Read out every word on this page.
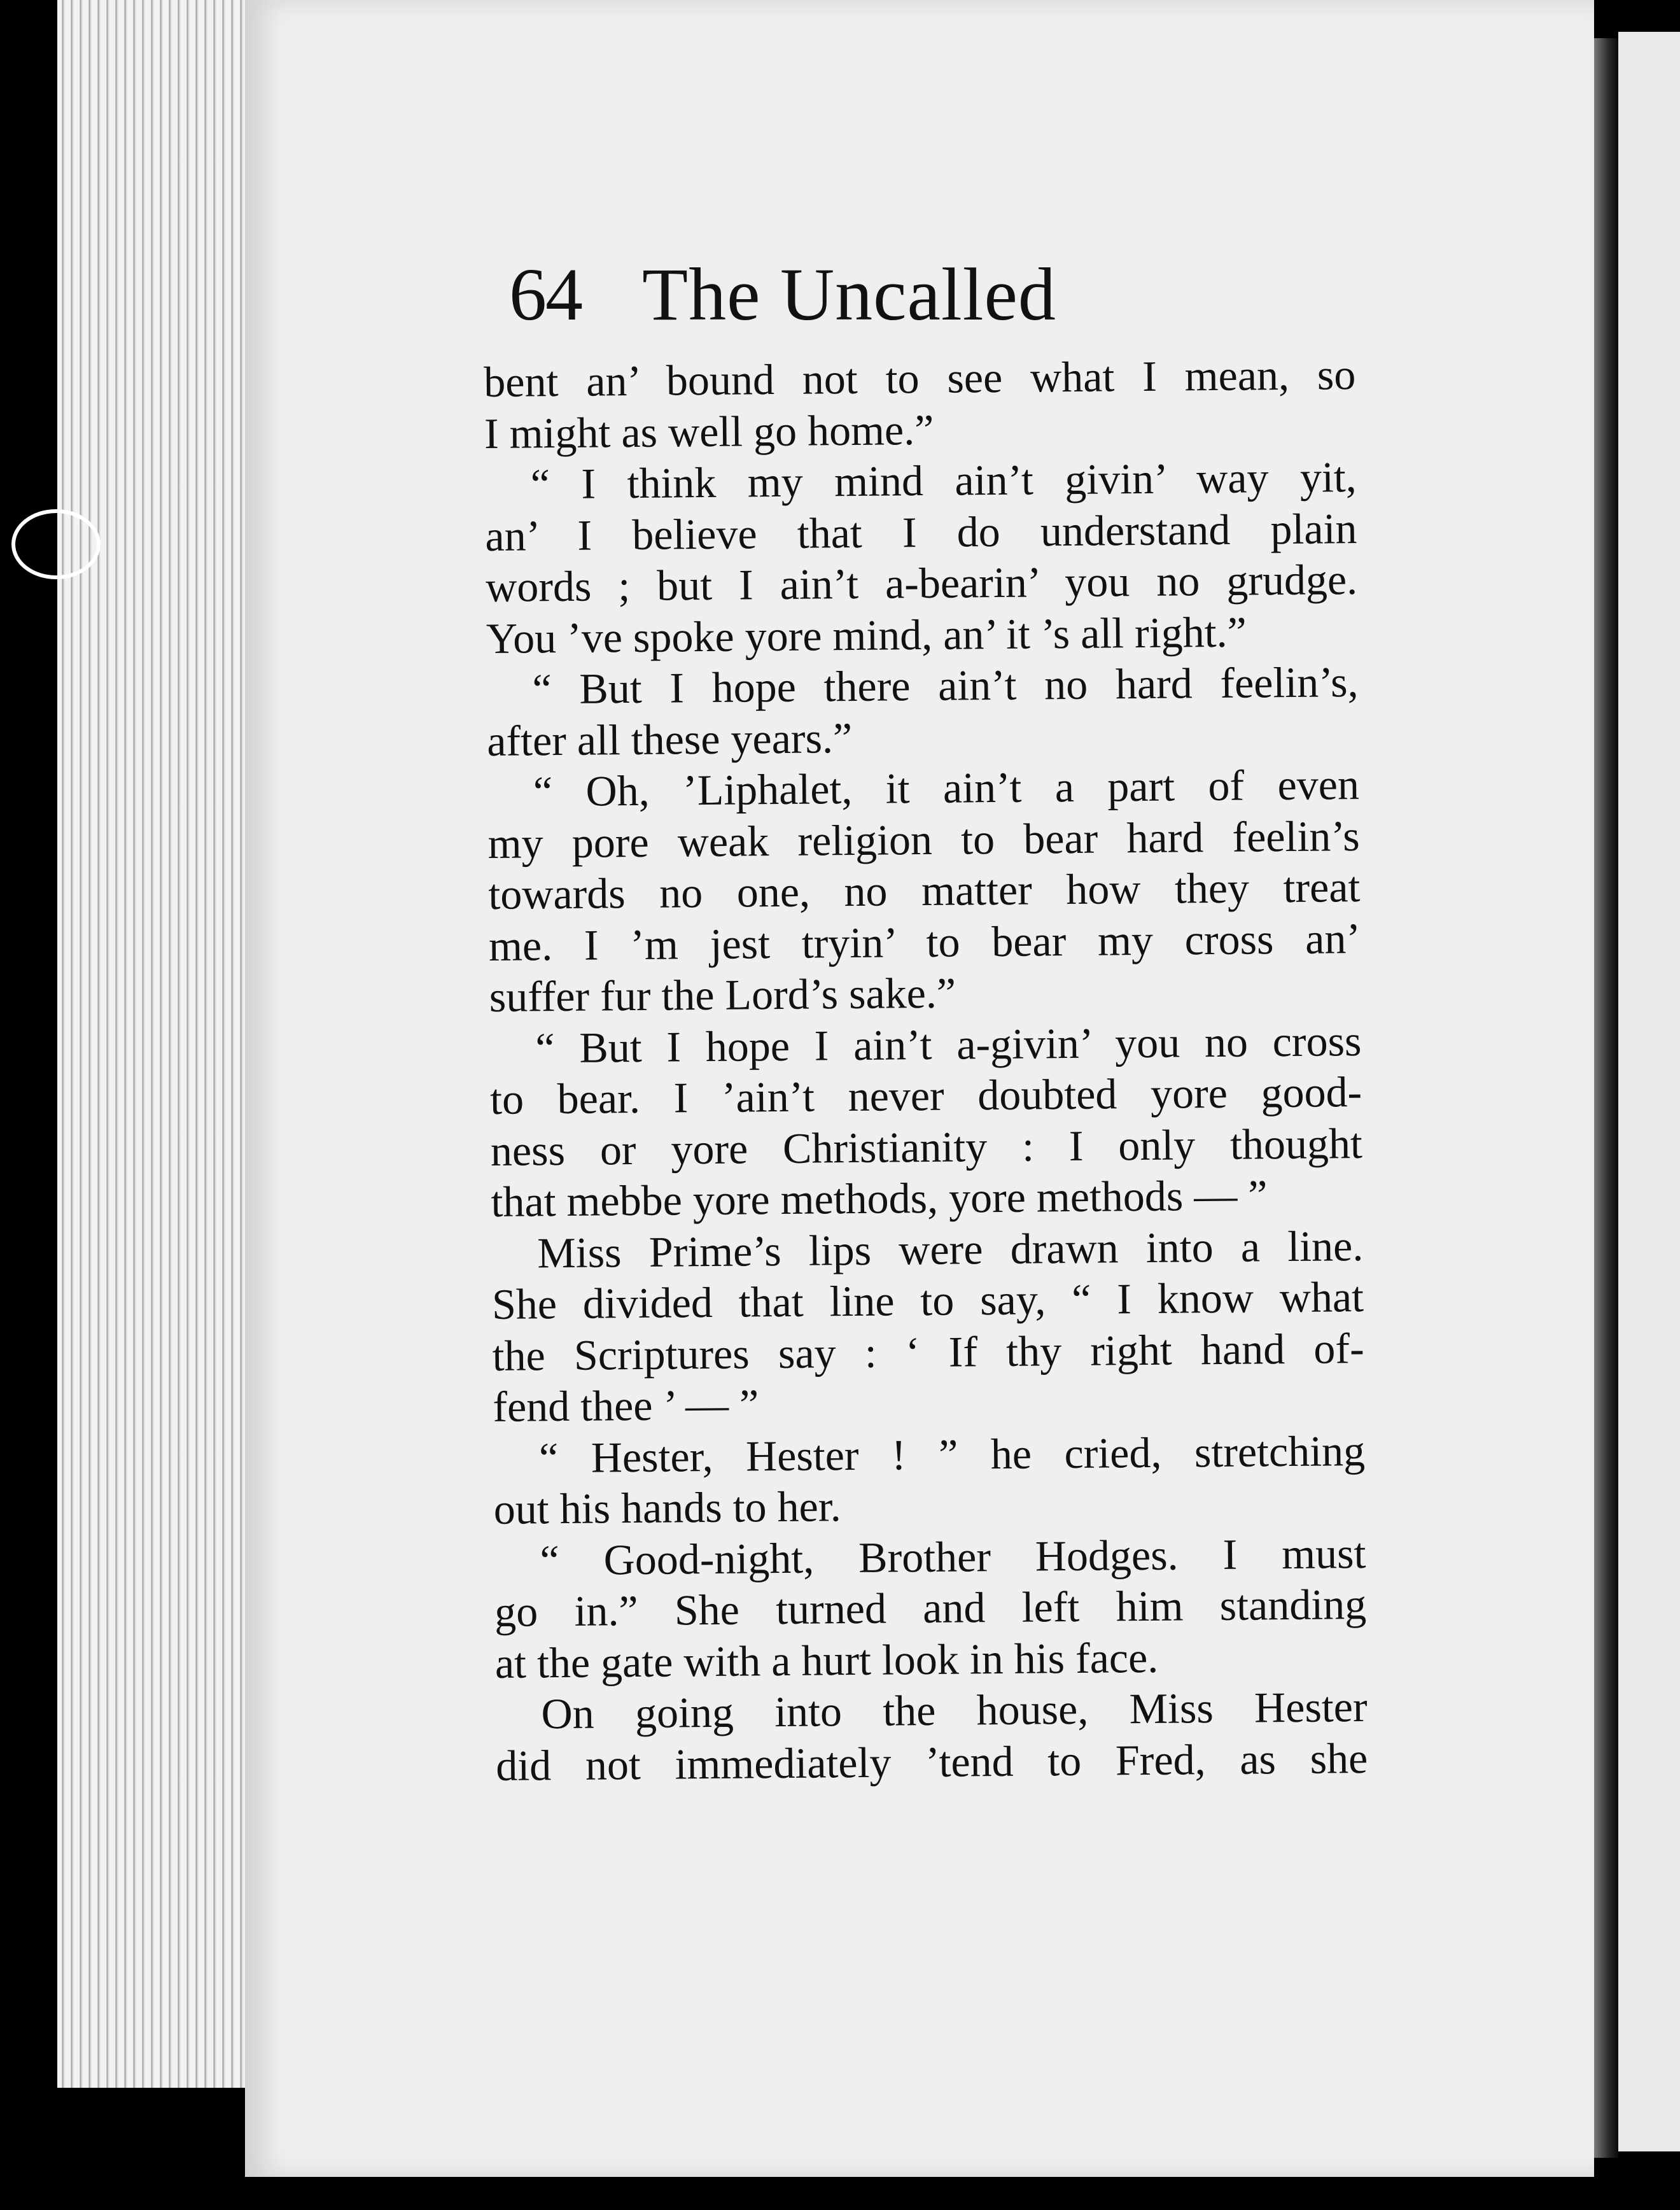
64 The Uncalled
bent an’ bound not to see what I mean, so
I might as well go home.”
“ I think my mind ain’t givin’ way yit,
an’ I believe that I do understand plain
words ; but I ain’t a-bearin’ you no grudge.
You ’ve spoke yore mind, an’ it ’s all right.”
“ But I hope there ain’t no hard feelin’s,
after all these years.”
“ Oh, ’Liphalet, it ain’t a part of even
my pore weak religion to bear hard feelin’s
towards no one, no matter how they treat
me. I ’m jest tryin’ to bear my cross an’
suffer fur the Lord’s sake.”
“ But I hope I ain’t a-givin’ you no cross
to bear. I ’ain’t never doubted yore good-
ness or yore Christianity : I only thought
that mebbe yore methods, yore methods — ”
Miss Prime’s lips were drawn into a line.
She divided that line to say, “ I know what
the Scriptures say : ‘ If thy right hand of-
fend thee ’ — ”
“ Hester, Hester ! ” he cried, stretching
out his hands to her.
“ Good-night, Brother Hodges. I must
go in.” She turned and left him standing
at the gate with a hurt look in his face.
On going into the house, Miss Hester
did not immediately ’tend to Fred, as she
